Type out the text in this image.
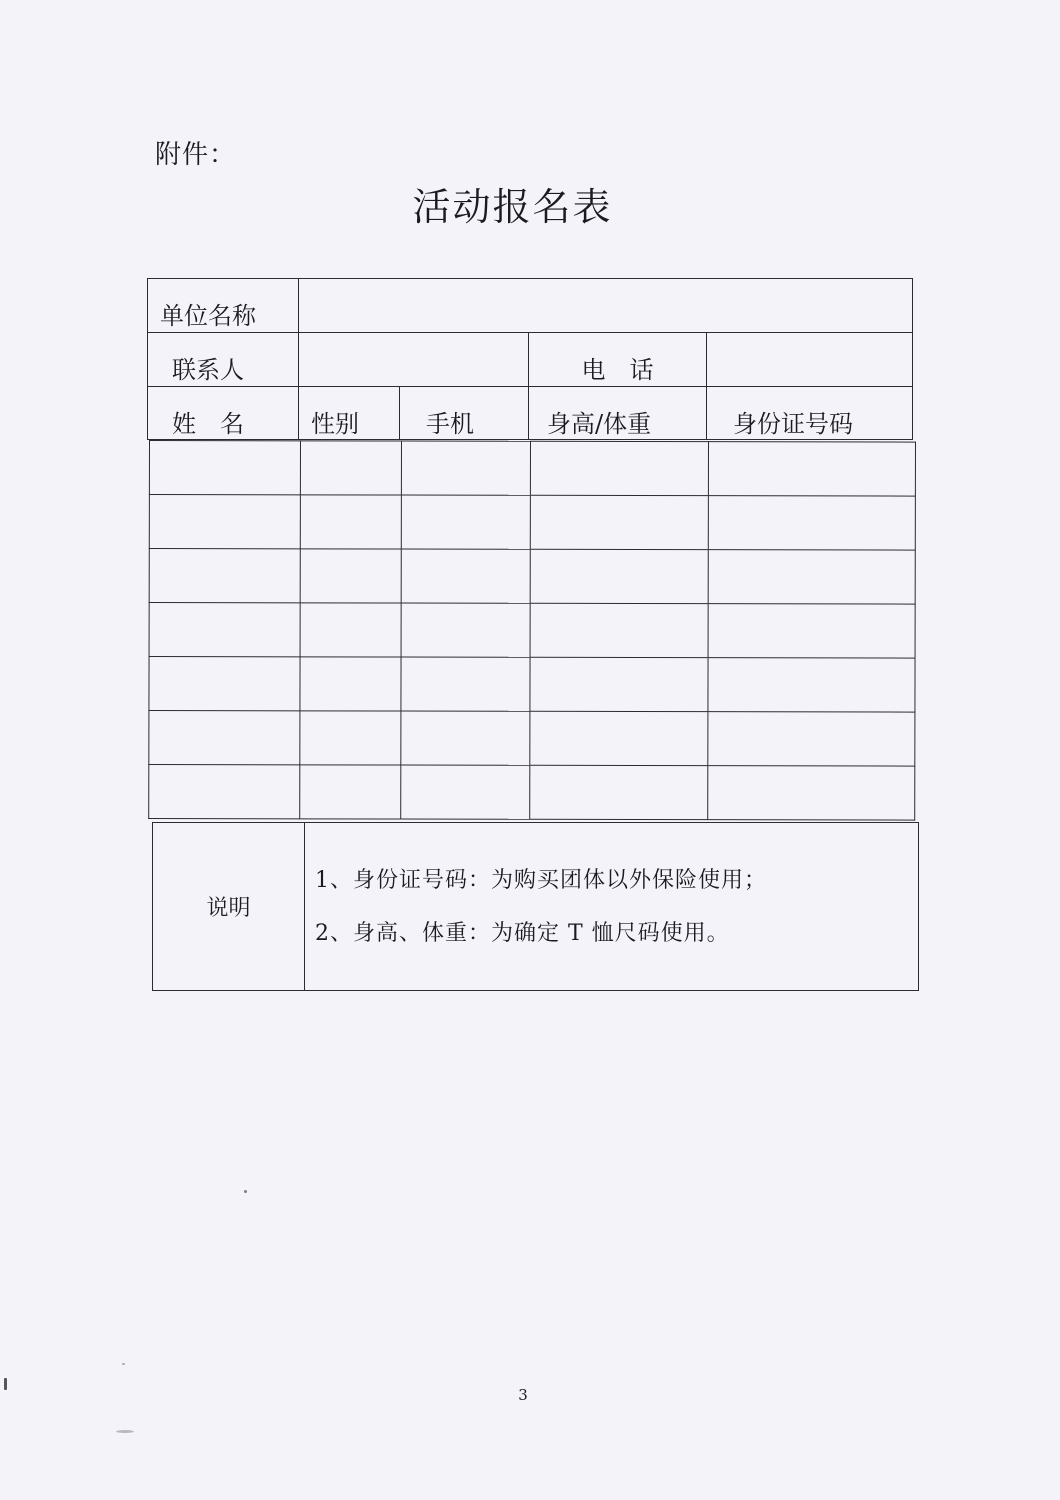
附件：
活动报名表
单位名称				
联系人			电　话	
姓　名	性别	手机	身高/体重	身份证号码

说明	
1、身份证号码：为购买团体以外保险使用；
2、身高、体重：为确定 T 恤尺码使用。
3
